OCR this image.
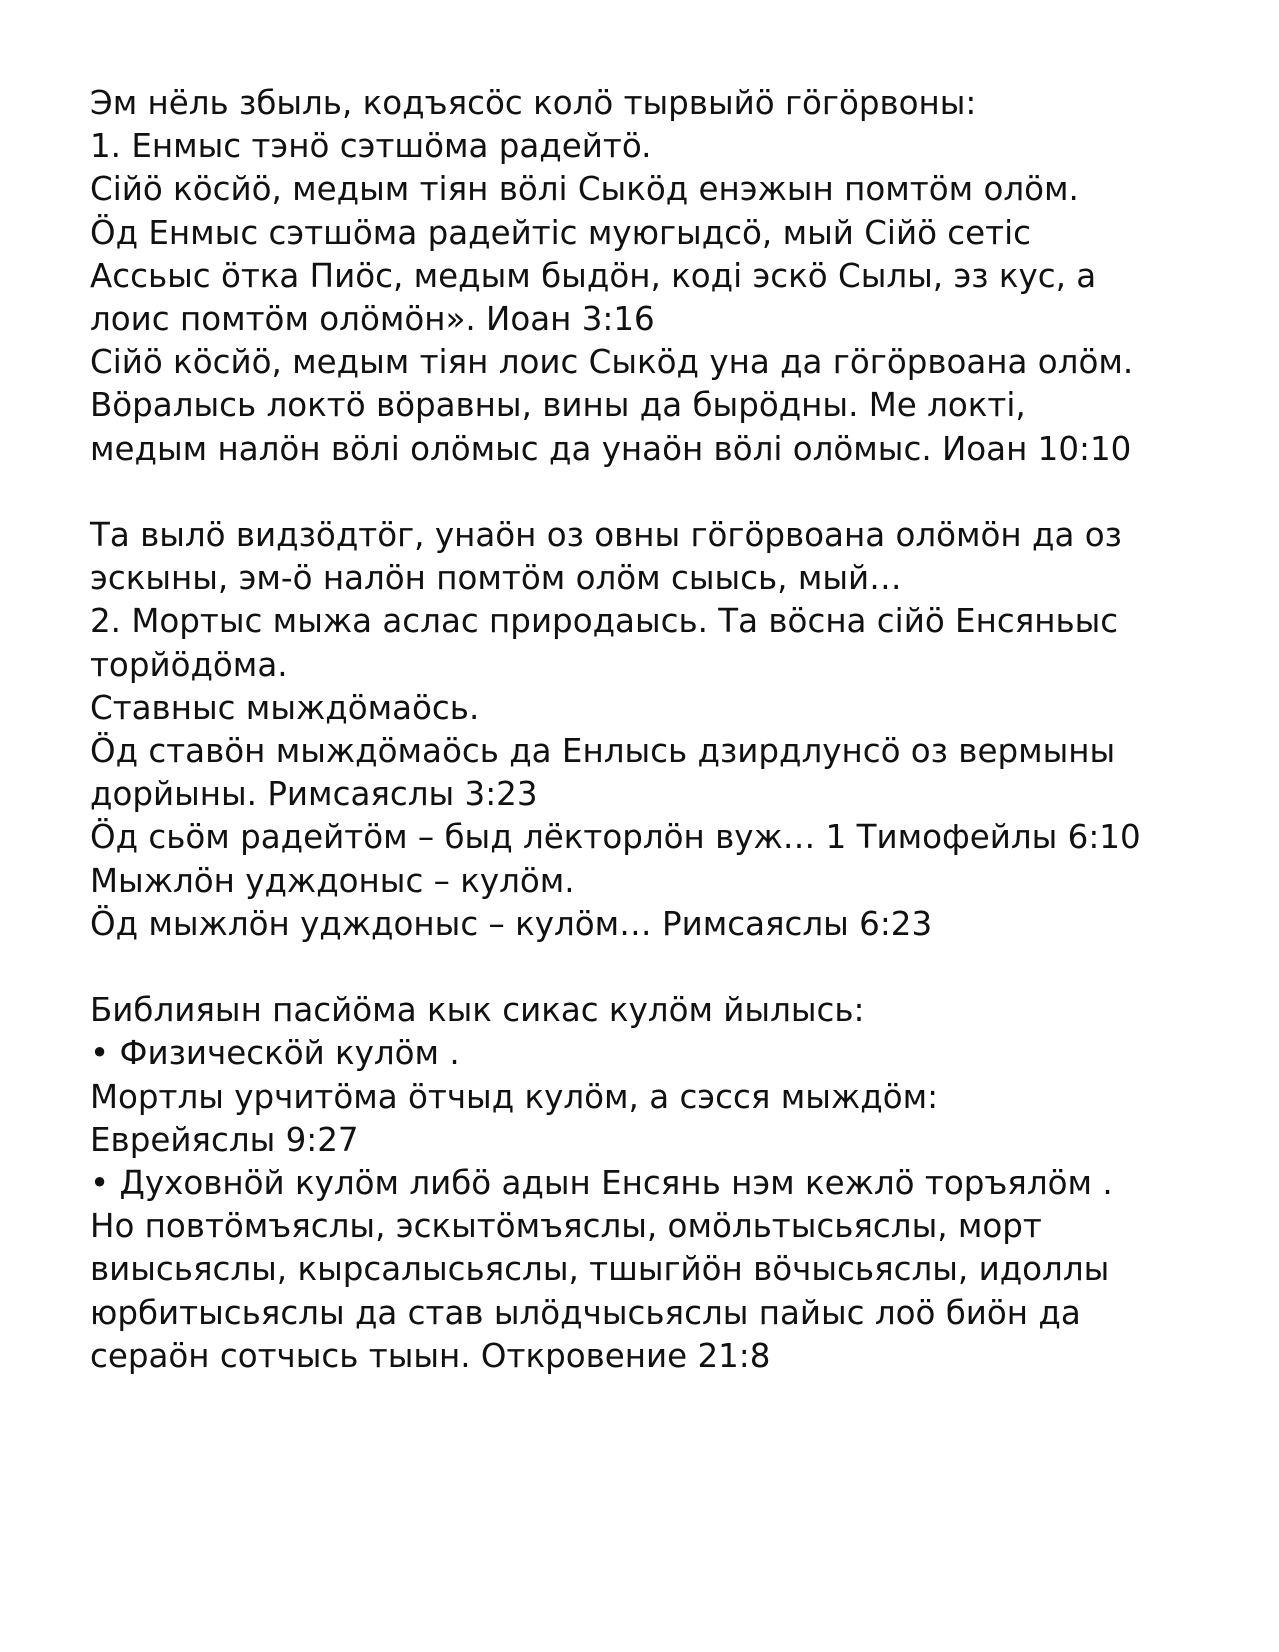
Эм нёль збыль, кодъясöс колö тырвыйö гöгöрвоны:
1. Енмыс тэнö сэтшöма радейтö.
Сійö кöсйö, медым тіян вöлі Сыкöд енэжын помтöм олöм.
Öд Енмыс сэтшöма радейтіс муюгыдсö, мый Сійö сетіс
Ассьыс öтка Пиöс, медым быдöн, коді эскö Сылы, эз кус, а
лоис помтöм олöмöн». Иоан 3:16
Сійö кöсйö, медым тіян лоис Сыкöд уна да гöгöрвоана олöм.
Вöралысь локтö вöравны, вины да бырöдны. Ме локті,
медым налöн вöлі олöмыс да унаöн вöлі олöмыс. Иоан 10:10
Та вылö видзöдтöг, унаöн оз овны гöгöрвоана олöмöн да оз
эскыны, эм-ö налöн помтöм олöм сыысь, мый…
2. Мортыс мыжа аслас природаысь. Та вöсна сійö Енсяньыс
торйöдöма.
Ставныс мыждöмаöсь.
Öд ставöн мыждöмаöсь да Енлысь дзирдлунсö оз вермыны
дорйыны. Римсаяслы 3:23
Öд сьöм радейтöм – быд лёкторлöн вуж… 1 Тимофейлы 6:10
Мыжлöн удждоныс – кулöм.
Öд мыжлöн удждоныс – кулöм… Римсаяслы 6:23
Библияын пасйöма кык сикас кулöм йылысь:
• Физическöй кулöм .
Мортлы урчитöма öтчыд кулöм, а сэсся мыждöм:
Еврейяслы 9:27
• Духовнöй кулöм либö адын Енсянь нэм кежлö торъялöм .
Но повтöмъяслы, эскытöмъяслы, омöльтысьяслы, морт
виысьяслы, кырсалысьяслы, тшыгйöн вöчысьяслы, идоллы
юрбитысьяслы да став ылöдчысьяслы пайыс лоö биöн да
сераöн сотчысь тыын. Откровение 21:8
